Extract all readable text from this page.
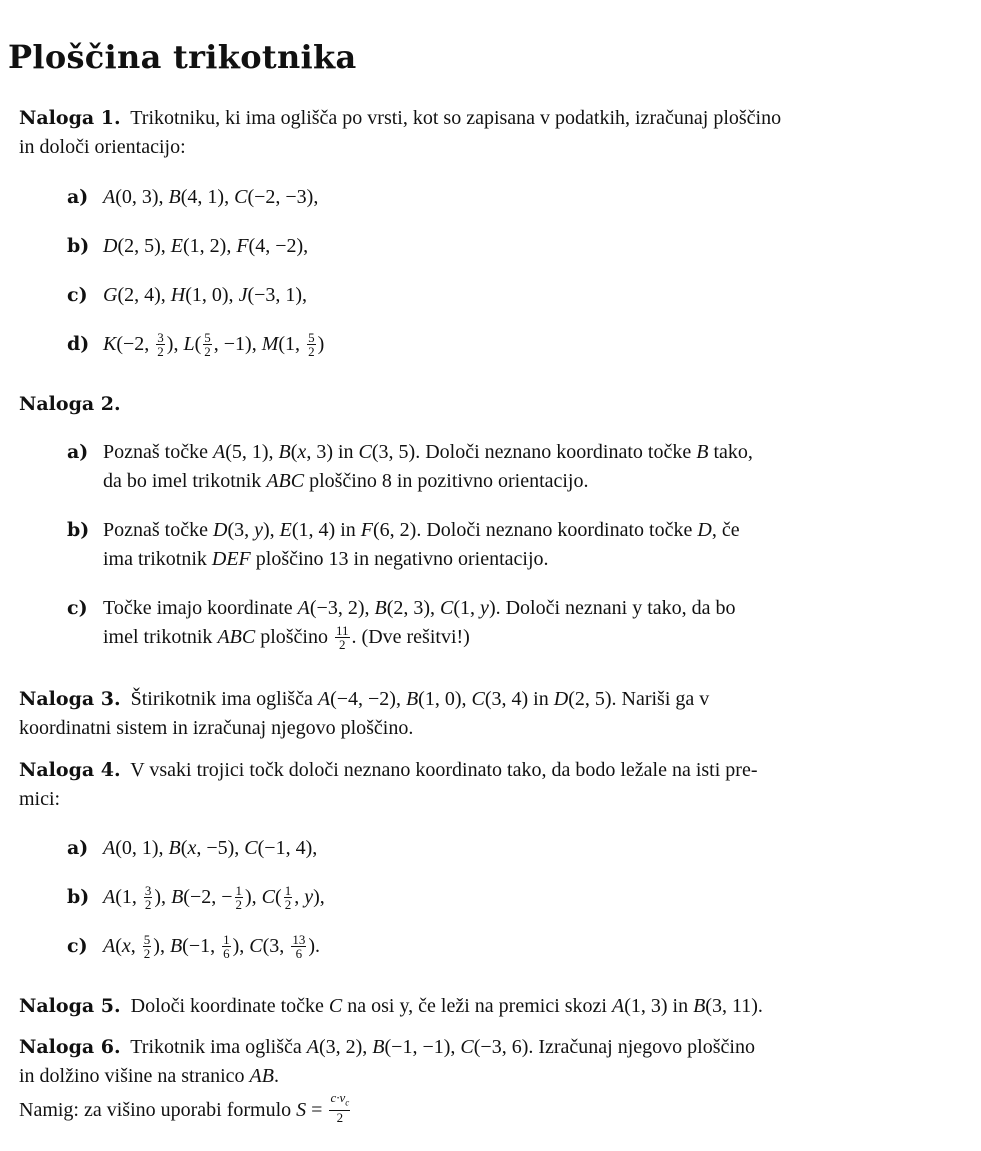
Ploščina trikotnika
Naloga 1. Trikotniku, ki ima oglišča po vrsti, kot so zapisana v podatkih, izračunaj ploščino
in določi orientacijo:
a) A(0, 3), B(4, 1), C(−2, −3),
b) D(2, 5), E(1, 2), F(4, −2),
c) G(2, 4), H(1, 0), J(−3, 1),
d) K(−2, $\frac{3}{2}$ ), $L( \frac{5}{2}$ , −1), M(1, $\frac{5}{2}$ )
Naloga 2.
a) Poznaš točke A(5, 1), B(x, 3) in C(3, 5). Določi neznano koordinato točke B tako,
da bo imel trikotnik ABC ploščino 8 in pozitivno orientacijo.
b) Poznaš točke D(3, y), E(1, 4) in F(6, 2). Določi neznano koordinato točke D, če
ima trikotnik DEF ploščino 13 in negativno orientacijo.
c) Točke imajo koordinate A(−3, 2), B(2, 3), C(1, y). Določi neznani y tako, da bo
imel trikotnik ABC ploščino $\frac{11}{2}$ . (Dve rešitvi!)
Naloga 3. Štirikotnik ima oglišča A(−4, −2), B(1, 0), C(3, 4) in D(2, 5). Nariši ga v
koordinatni sistem in izračunaj njegovo ploščino.
Naloga 4. V vsaki trojici točk določi neznano koordinato tako, da bodo ležale na isti pre-
mici:
a) A(0, 1), B(x, −5), C(−1, 4),
b) A(1, $\frac{3}{2}$ ), B(−2, − $\frac{1}{2}$ ), $C( \frac{1}{2}$ , y),
c) A(x, $\frac{5}{2}$ ), B(−1, $\frac{1}{6}$ ), C(3, $\frac{13}{6}$ ).
Naloga 5. Določi koordinate točke C na osi y, če leži na premici skozi A(1, 3) in B(3, 11).
Naloga 6. Trikotnik ima oglišča A(3, 2), B(−1, −1), C(−3, 6). Izračunaj njegovo ploščino
in dolžino višine na stranico AB.
Namig: za višino uporabi formulo $S = \frac{c\cdot v_c}{2}$
